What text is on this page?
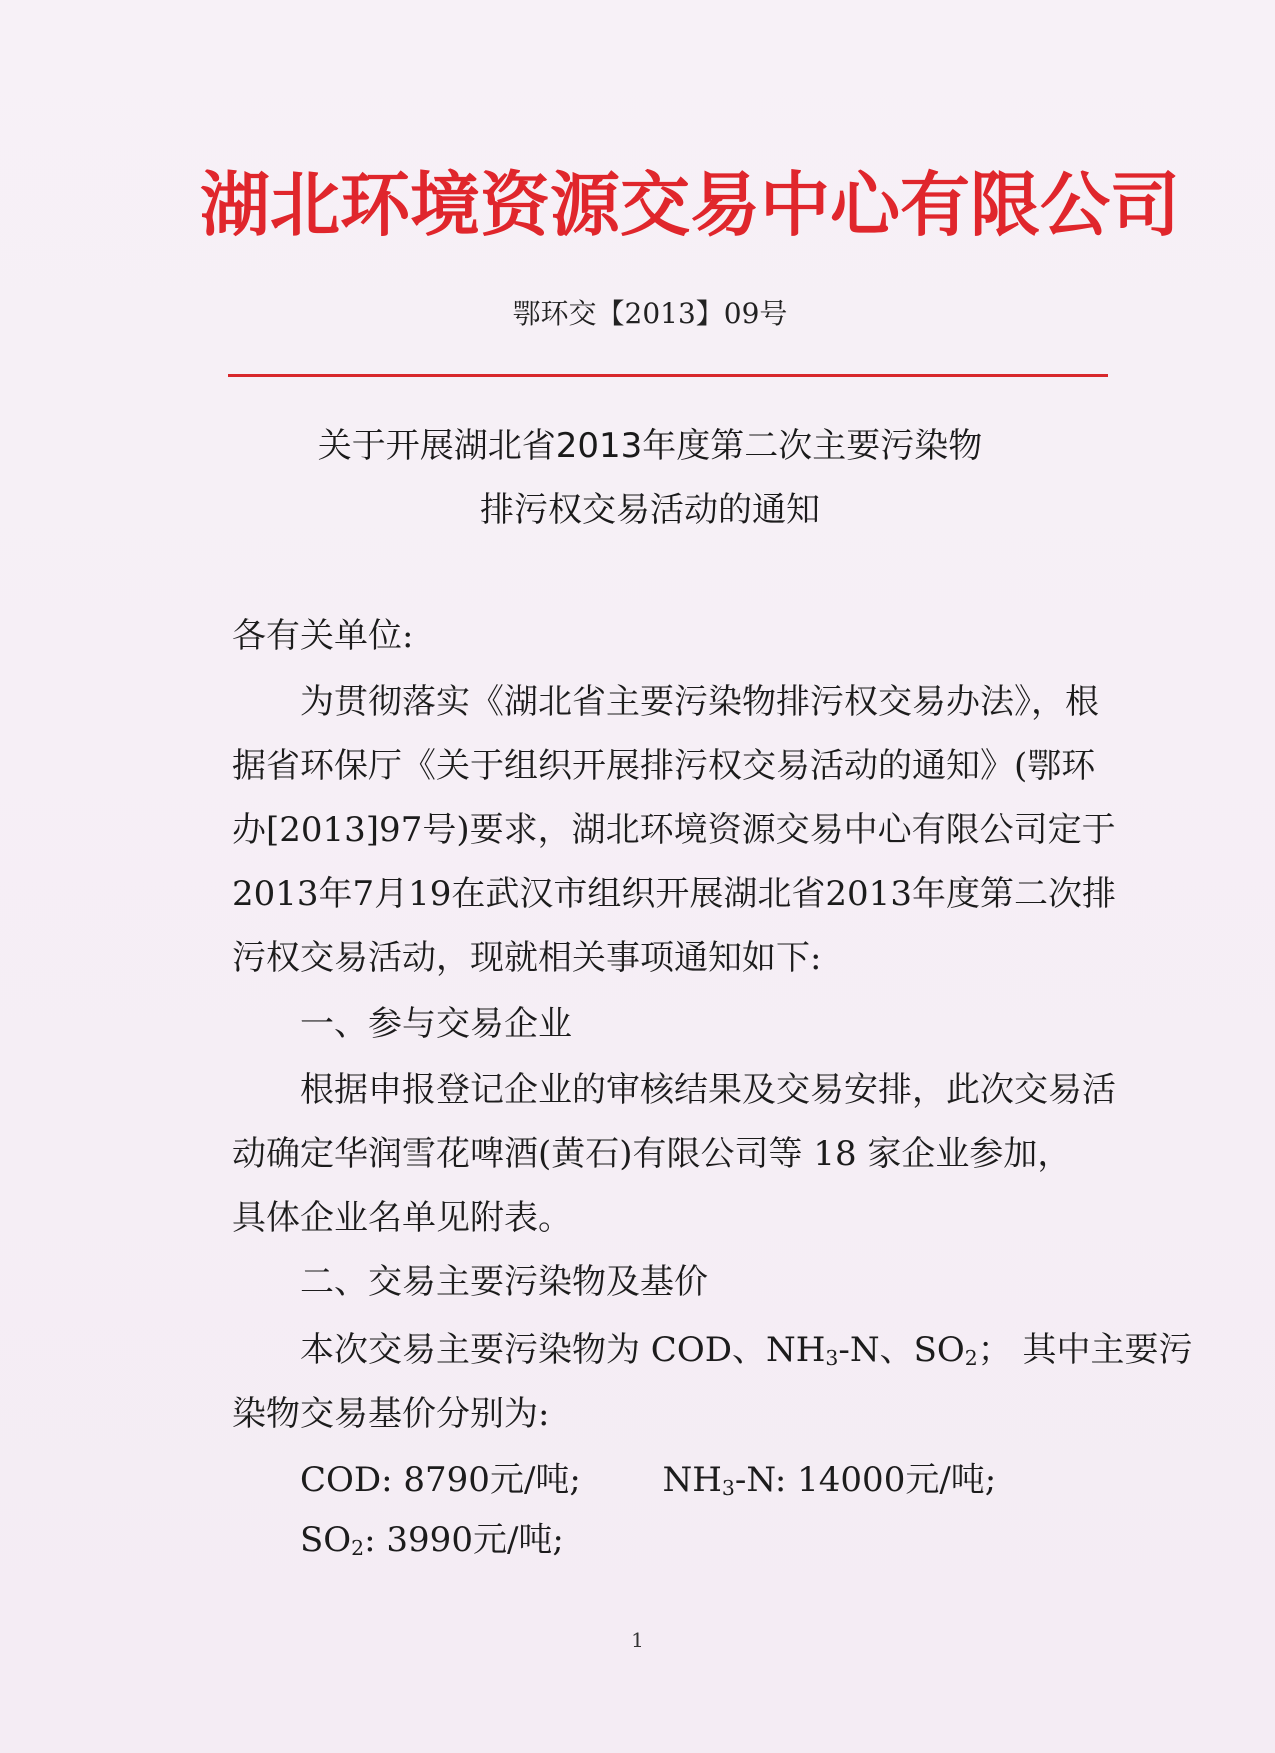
湖北环境资源交易中心有限公司
鄂环交【2013】09号
关于开展湖北省2013年度第二次主要污染物
排污权交易活动的通知
各有关单位:
为贯彻落实《湖北省主要污染物排污权交易办法》，根
据省环保厅《关于组织开展排污权交易活动的通知》(鄂环
办[2013]97号)要求，湖北环境资源交易中心有限公司定于
2013年7月19在武汉市组织开展湖北省2013年度第二次排
污权交易活动，现就相关事项通知如下:
一、参与交易企业
根据申报登记企业的审核结果及交易安排，此次交易活
动确定华润雪花啤酒(黄石)有限公司等 18 家企业参加，
具体企业名单见附表。
二、交易主要污染物及基价
本次交易主要污染物为 COD、$NH_3-N$、$SO_2$； 其中主要污
染物交易基价分别为:
COD: 8790元/吨; $NH_3-N$: 14000元/吨;
$SO_2$: 3990元/吨;
1
